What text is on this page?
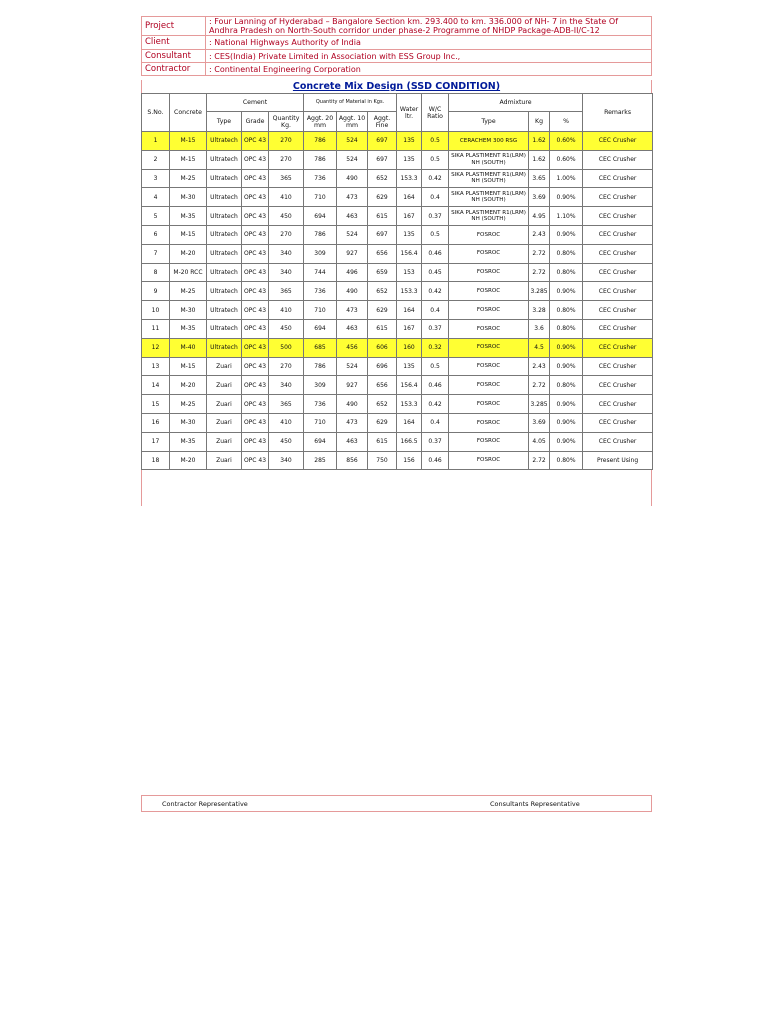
Project	: Four Lanning of Hyderabad – Bangalore Section km. 293.400 to km. 336.000 of NH- 7 in the State Of Andhra Pradesh on North-South corridor under phase-2 Programme of NHDP Package-ADB-II/C-12
Client	: National Highways Authority of India
Consultant	: CES(India) Private Limited in Association with ESS Group Inc.,
Contractor	: Continental Engineering Corporation
Concrete Mix Design (SSD CONDITION)
S.No.	Concrete	Cement			Quantity of Material in Kgs.			Water ltr.	W/C Ratio	Admixture			Remarks
		Type	Grade	Quantity Kg.	Aggt. 20 mm	Aggt. 10 mm	Aggt. Fine			Type	Kg	%	
1	M-15	Ultratech	OPC 43	270	786	524	697	135	0.5	CERACHEM 300 RSG	1.62	0.60%	CEC Crusher
2	M-15	Ultratech	OPC 43	270	786	524	697	135	0.5	SIKA PLASTIMENT R1(LRM) NH (SOUTH)	1.62	0.60%	CEC Crusher
3	M-25	Ultratech	OPC 43	365	736	490	652	153.3	0.42	SIKA PLASTIMENT R1(LRM) NH (SOUTH)	3.65	1.00%	CEC Crusher
4	M-30	Ultratech	OPC 43	410	710	473	629	164	0.4	SIKA PLASTIMENT R1(LRM) NH (SOUTH)	3.69	0.90%	CEC Crusher
5	M-35	Ultratech	OPC 43	450	694	463	615	167	0.37	SIKA PLASTIMENT R1(LRM) NH (SOUTH)	4.95	1.10%	CEC Crusher
6	M-15	Ultratech	OPC 43	270	786	524	697	135	0.5	FOSROC	2.43	0.90%	CEC Crusher
7	M-20	Ultratech	OPC 43	340	309	927	656	156.4	0.46	FOSROC	2.72	0.80%	CEC Crusher
8	M-20 RCC	Ultratech	OPC 43	340	744	496	659	153	0.45	FOSROC	2.72	0.80%	CEC Crusher
9	M-25	Ultratech	OPC 43	365	736	490	652	153.3	0.42	FOSROC	3.285	0.90%	CEC Crusher
10	M-30	Ultratech	OPC 43	410	710	473	629	164	0.4	FOSROC	3.28	0.80%	CEC Crusher
11	M-35	Ultratech	OPC 43	450	694	463	615	167	0.37	FOSROC	3.6	0.80%	CEC Crusher
12	M-40	Ultratech	OPC 43	500	685	456	606	160	0.32	FOSROC	4.5	0.90%	CEC Crusher
13	M-15	Zuari	OPC 43	270	786	524	696	135	0.5	FOSROC	2.43	0.90%	CEC Crusher
14	M-20	Zuari	OPC 43	340	309	927	656	156.4	0.46	FOSROC	2.72	0.80%	CEC Crusher
15	M-25	Zuari	OPC 43	365	736	490	652	153.3	0.42	FOSROC	3.285	0.90%	CEC Crusher
16	M-30	Zuari	OPC 43	410	710	473	629	164	0.4	FOSROC	3.69	0.90%	CEC Crusher
17	M-35	Zuari	OPC 43	450	694	463	615	166.5	0.37	FOSROC	4.05	0.90%	CEC Crusher
18	M-20	Zuari	OPC 43	340	285	856	750	156	0.46	FOSROC	2.72	0.80%	Present Using
Contractor Representative	Consultants Representative
